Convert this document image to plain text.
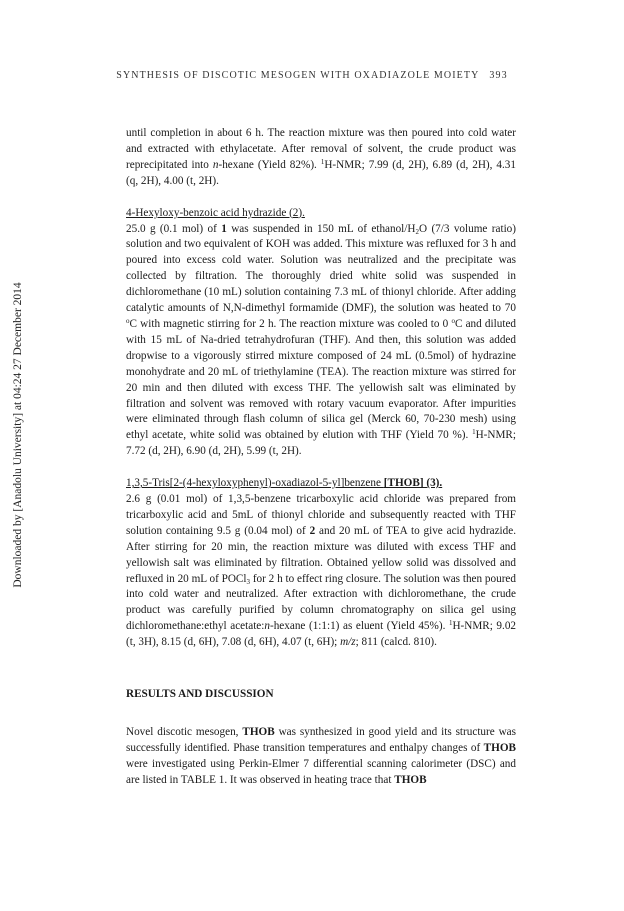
SYNTHESIS OF DISCOTIC MESOGEN WITH OXADIAZOLE MOIETY 393
Downloaded by [Anadolu University] at 04:24 27 December 2014

until completion in about 6 h. The reaction mixture was then poured into cold water and extracted with ethylacetate. After removal of solvent, the crude product was reprecipitated into n-hexane (Yield 82%). $^1$H-NMR; 7.99 (d, 2H), 6.89 (d, 2H), 4.31 (q, 2H), 4.00 (t, 2H).

4-Hexyloxy-benzoic acid hydrazide (2).

25.0 g (0.1 mol) of 1 was suspended in 150 mL of ethanol/$H_2O$ (7/3 volume ratio) solution and two equivalent of KOH was added. This mixture was refluxed for 3 h and poured into excess cold water. Solution was neutralized and the precipitate was collected by filtration. The thoroughly dried white solid was suspended in dichloromethane (10 mL) solution containing 7.3 mL of thionyl chloride. After adding catalytic amounts of N,N-dimethyl formamide (DMF), the solution was heated to 70 $^o$C with magnetic stirring for 2 h. The reaction mixture was cooled to 0 $^o$C and diluted with 15 mL of Na-dried tetrahydrofuran (THF). And then, this solution was added dropwise to a vigorously stirred mixture composed of 24 mL (0.5mol) of hydrazine monohydrate and 20 mL of triethylamine (TEA). The reaction mixture was stirred for 20 min and then diluted with excess THF. The yellowish salt was eliminated by filtration and solvent was removed with rotary vacuum evaporator. After impurities were eliminated through flash column of silica gel (Merck 60, 70-230 mesh) using ethyl acetate, white solid was obtained by elution with THF (Yield 70 %). $^1$H-NMR; 7.72 (d, 2H), 6.90 (d, 2H), 5.99 (t, 2H).

1,3,5-Tris[2-(4-hexyloxyphenyl)-oxadiazol-5-yl]benzene [THOB] (3).

2.6 g (0.01 mol) of 1,3,5-benzene tricarboxylic acid chloride was prepared from tricarboxylic acid and 5mL of thionyl chloride and subsequently reacted with THF solution containing 9.5 g (0.04 mol) of 2 and 20 mL of TEA to give acid hydrazide. After stirring for 20 min, the reaction mixture was diluted with excess THF and yellowish salt was eliminated by filtration. Obtained yellow solid was dissolved and refluxed in 20 mL of POCl$_3$ for 2 h to effect ring closure. The solution was then poured into cold water and neutralized. After extraction with dichloromethane, the crude product was carefully purified by column chromatography on silica gel using dichloromethane:ethyl acetate:n-hexane (1:1:1) as eluent (Yield 45%). $^1$H-NMR; 9.02 (t, 3H), 8.15 (d, 6H), 7.08 (d, 6H), 4.07 (t, 6H); m/z; 811 (calcd. 810).

RESULTS AND DISCUSSION

Novel discotic mesogen, THOB was synthesized in good yield and its structure was successfully identified. Phase transition temperatures and enthalpy changes of THOB were investigated using Perkin-Elmer 7 differential scanning calorimeter (DSC) and are listed in TABLE 1. It was observed in heating trace that THOB
